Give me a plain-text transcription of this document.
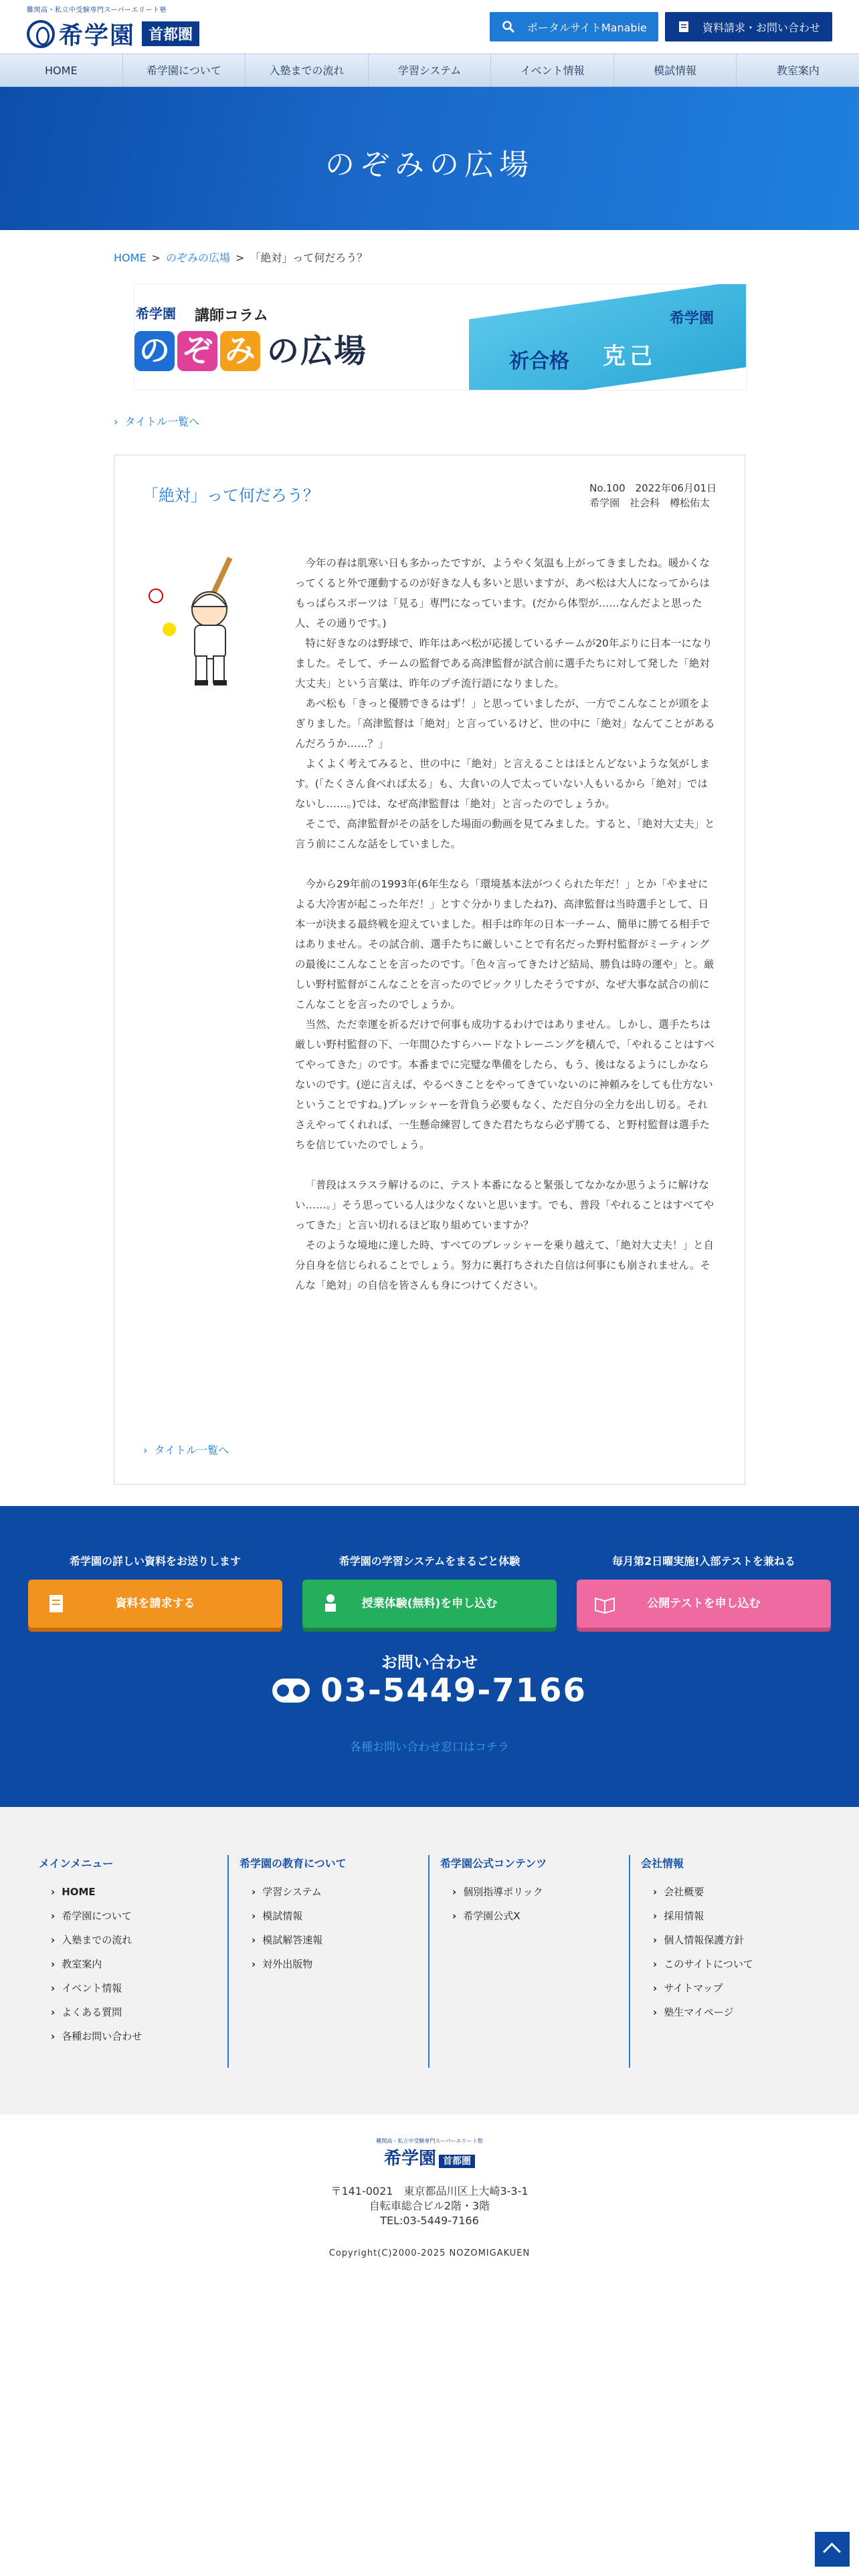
難関高・私立中受験専門スーパーエリート塾
希学園 首都圏	ポータルサイトManabie	資料請求・お問い合わせ
HOME	希学園について	入塾までの流れ	学習システム	イベント情報	模試情報	教室案内
のぞみの広場
HOME > のぞみの広場 > 「絶対」って何だろう？
希学園 講師コラム
の ぞ み の広場	祈合格 克己
希学園
› タイトル一覧へ
「絶対」って何だろう？	No.100　2022年06月01日
希学園　社会科　樽松佑太

今年の春は肌寒い日も多かったですが、ようやく気温も上がってきましたね。暖かくなってくると外で運動するのが好きな人も多いと思いますが、あべ松は大人になってからはもっぱらスポーツは「見る」専門になっています。(だから体型が……なんだよと思った人、その通りです。)

特に好きなのは野球で、昨年はあべ松が応援しているチームが20年ぶりに日本一になりました。そして、チームの監督である高津監督が試合前に選手たちに対して発した「絶対大丈夫」という言葉は、昨年のプチ流行語になりました。

あべ松も「きっと優勝できるはず！」と思っていましたが、一方でこんなことが頭をよぎりました。「高津監督は「絶対」と言っているけど、世の中に「絶対」なんてことがあるんだろうか……？」

よくよく考えてみると、世の中に「絶対」と言えることはほとんどないような気がします。(「たくさん食べれば太る」も、大食いの人で太っていない人もいるから「絶対」ではないし……。)では、なぜ高津監督は「絶対」と言ったのでしょうか。

そこで、高津監督がその話をした場面の動画を見てみました。すると、「絶対大丈夫」と言う前にこんな話をしていました。

今から29年前の1993年(6年生なら「環境基本法がつくられた年だ！」とか「やませによる大冷害が起こった年だ！」とすぐ分かりましたね?)、高津監督は当時選手として、日本一が決まる最終戦を迎えていました。相手は昨年の日本一チーム、簡単に勝てる相手ではありません。その試合前、選手たちに厳しいことで有名だった野村監督がミーティングの最後にこんなことを言ったのです。「色々言ってきたけど結局、勝負は時の運や」と。厳しい野村監督がこんなことを言ったのでビックリしたそうですが、なぜ大事な試合の前にこんなことを言ったのでしょうか。

当然、ただ幸運を祈るだけで何事も成功するわけではありません。しかし、選手たちは厳しい野村監督の下、一年間ひたすらハードなトレーニングを積んで、「やれることはすべてやってきた」のです。本番までに完璧な準備をしたら、もう、後はなるようにしかならないのです。(逆に言えば、やるべきことをやってきていないのに神頼みをしても仕方ないということですね。)プレッシャーを背負う必要もなく、ただ自分の全力を出し切る。それさえやってくれれば、一生懸命練習してきた君たちなら必ず勝てる、と野村監督は選手たちを信じていたのでしょう。

「普段はスラスラ解けるのに、テスト本番になると緊張してなかなか思うように解けない……。」そう思っている人は少なくないと思います。でも、普段「やれることはすべてやってきた」と言い切れるほど取り組めていますか？

そのような境地に達した時、すべてのプレッシャーを乗り越えて、「絶対大丈夫！」と自分自身を信じられることでしょう。努力に裏打ちされた自信は何事にも崩されません。そんな「絶対」の自信を皆さんも身につけてください。

› タイトル一覧へ
希学園の詳しい資料をお送りします	希学園の学習システムをまるごと体験	毎月第2日曜実施!入部テストを兼ねる
資料を請求する	授業体験(無料)を申し込む	公開テストを申し込む
お問い合わせ
03-5449-7166
各種お問い合わせ窓口はコチラ
メインメニュー
› HOME
› 希学園について
› 入塾までの流れ
› 教室案内
› イベント情報
› よくある質問
› 各種お問い合わせ
希学園の教育について
› 学習システム
› 模試情報
› 模試解答速報
› 対外出版物
希学園公式コンテンツ
› 個別指導ポリック
› 希学園公式X
会社情報
› 会社概要
› 採用情報
› 個人情報保護方針
› このサイトについて
› サイトマップ
› 塾生マイページ
難関高・私立中受験専門スーパーエリート塾
希学園 首都圏
〒141-0021　東京都品川区上大崎3-3-1
自転車総合ビル2階・3階
TEL:03-5449-7166
Copyright(C)2000-2025 NOZOMIGAKUEN
